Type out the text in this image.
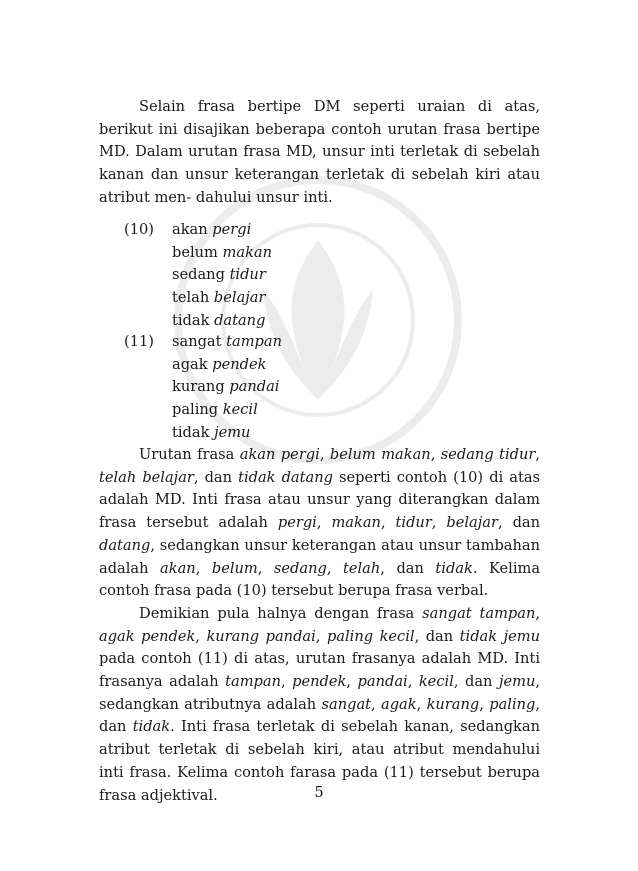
Selain frasa bertipe DM seperti uraian di atas, berikut ini disajikan beberapa contoh urutan frasa bertipe MD. Dalam urutan frasa MD, unsur inti terletak di sebelah kanan dan unsur keterangan terletak di sebelah kiri atau atribut men- dahului unsur inti.

(10)	akan pergi
belum makan
sedang tidur
telah belajar
tidak datang
(11)	sangat tampan
agak pendek
kurang pandai
paling kecil
tidak jemu

Urutan frasa akan pergi, belum makan, sedang tidur, telah belajar, dan tidak datang seperti contoh (10) di atas adalah MD. Inti frasa atau unsur yang diterangkan dalam frasa tersebut adalah pergi, makan, tidur, belajar, dan datang, sedangkan unsur keterangan atau unsur tambahan adalah akan, belum, sedang, telah, dan tidak. Kelima contoh frasa pada (10) tersebut berupa frasa verbal.

Demikian pula halnya dengan frasa sangat tampan, agak pendek, kurang pandai, paling kecil, dan tidak jemu pada contoh (11) di atas, urutan frasanya adalah MD. Inti frasanya adalah tampan, pendek, pandai, kecil, dan jemu, sedangkan atributnya adalah sangat, agak, kurang, paling, dan tidak. Inti frasa terletak di sebelah kanan, sedangkan atribut terletak di sebelah kiri, atau atribut mendahului inti frasa. Kelima contoh farasa pada (11) tersebut berupa frasa adjektival.	5
